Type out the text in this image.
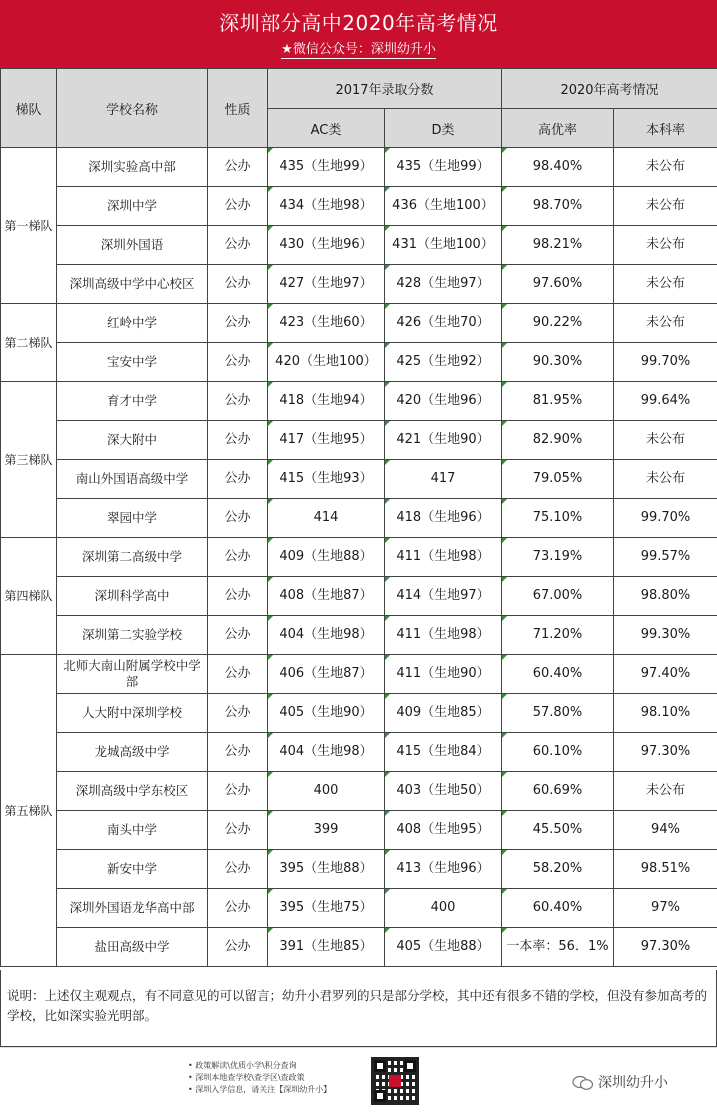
深圳部分高中2020年高考情况
★微信公众号：深圳幼升小
梯队	学校名称	性质	2017年录取分数		2020年高考情况	
			AC类	D类	高优率	本科率
第一梯队	深圳实验高中部	公办	435（生地99）	435（生地99）	98.40%	未公布
	深圳中学	公办	434（生地98）	436（生地100）	98.70%	未公布
	深圳外国语	公办	430（生地96）	431（生地100）	98.21%	未公布
	深圳高级中学中心校区	公办	427（生地97）	428（生地97）	97.60%	未公布
第二梯队	红岭中学	公办	423（生地60）	426（生地70）	90.22%	未公布
	宝安中学	公办	420（生地100）	425（生地92）	90.30%	99.70%
第三梯队	育才中学	公办	418（生地94）	420（生地96）	81.95%	99.64%
	深大附中	公办	417（生地95）	421（生地90）	82.90%	未公布
	南山外国语高级中学	公办	415（生地93）	417	79.05%	未公布
	翠园中学	公办	414	418（生地96）	75.10%	99.70%
第四梯队	深圳第二高级中学	公办	409（生地88）	411（生地98）	73.19%	99.57%
	深圳科学高中	公办	408（生地87）	414（生地97）	67.00%	98.80%
	深圳第二实验学校	公办	404（生地98）	411（生地98）	71.20%	99.30%
第五梯队	北师大南山附属学校中学部	公办	406（生地87）	411（生地90）	60.40%	97.40%
	人大附中深圳学校	公办	405（生地90）	409（生地85）	57.80%	98.10%
	龙城高级中学	公办	404（生地98）	415（生地84）	60.10%	97.30%
	深圳高级中学东校区	公办	400	403（生地50）	60.69%	未公布
	南头中学	公办	399	408（生地95）	45.50%	94%
	新安中学	公办	395（生地88）	413（生地96）	58.20%	98.51%
	深圳外国语龙华高中部	公办	395（生地75）	400	60.40%	97%
	盐田高级中学	公办	391（生地85）	405（生地88）	一本率：56．1%	97.30%
说明：上述仅主观观点，有不同意见的可以留言；幼升小君罗列的只是部分学校，其中还有很多不错的学校，但没有参加高考的学校，比如深实验光明部。
• 政策解读\优质小学\积分查询
• 深圳本地查学校\查学区\查政策
• 深圳入学信息，请关注【深圳幼升小】	深圳幼升小
